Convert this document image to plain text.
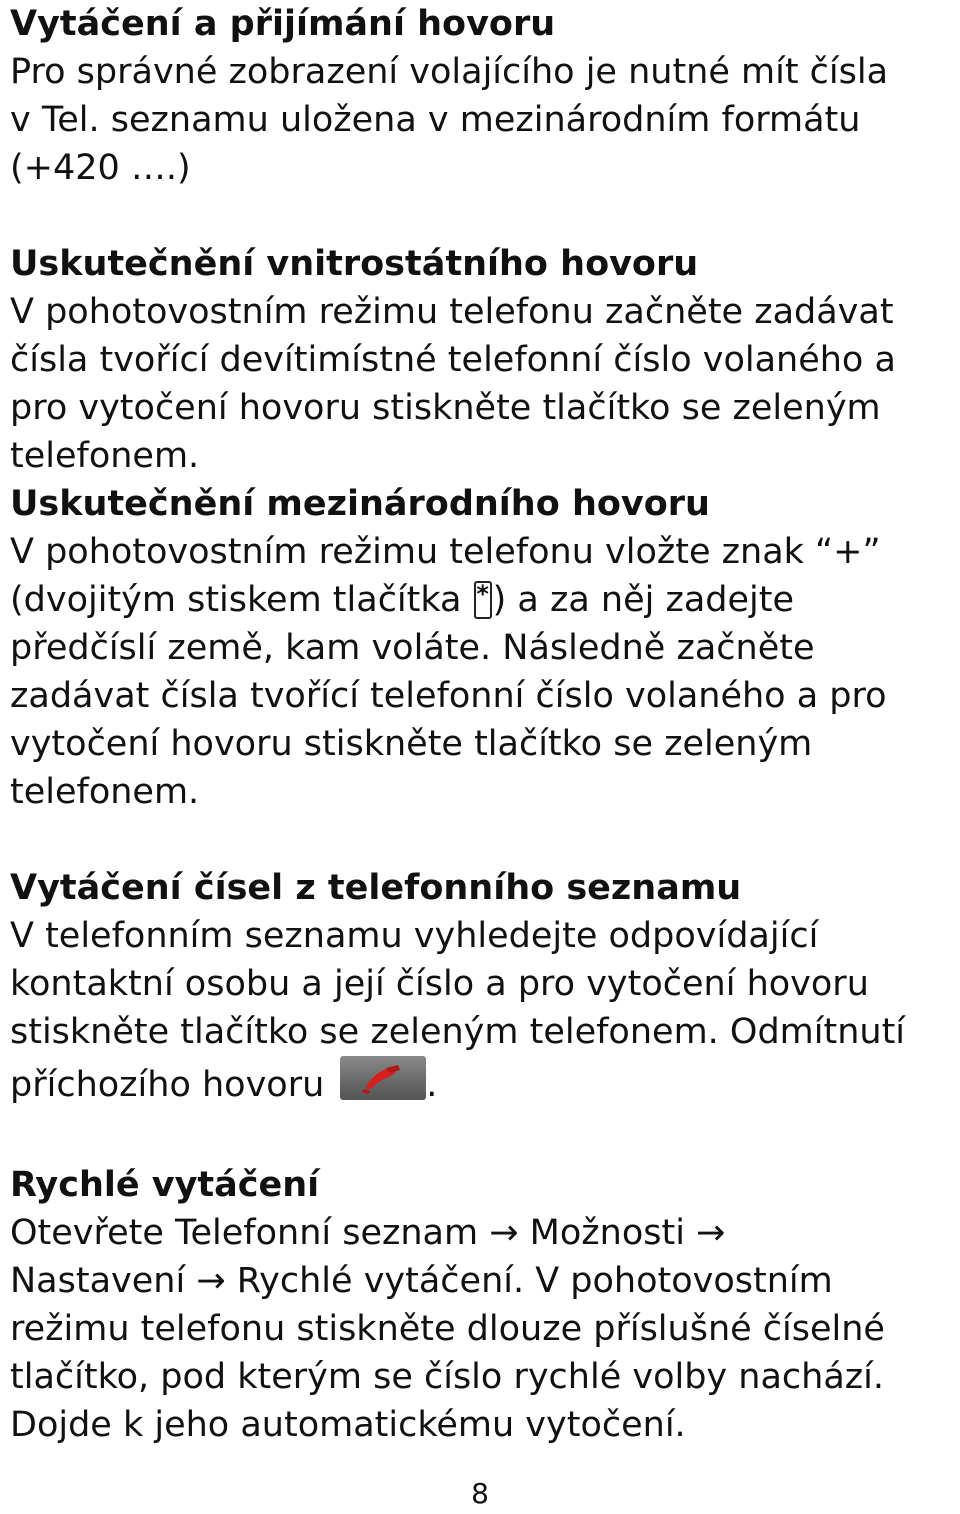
Vytáčení a přijímání hovoru
Pro správné zobrazení volajícího je nutné mít čísla
v Tel. seznamu uložena v mezinárodním formátu
(+420 ….)
Uskutečnění vnitrostátního hovoru
V pohotovostním režimu telefonu začněte zadávat
čísla tvořící devítimístné telefonní číslo volaného a
pro vytočení hovoru stiskněte tlačítko se zeleným
telefonem.
Uskutečnění mezinárodního hovoru
V pohotovostním režimu telefonu vložte znak “+”
(dvojitým stiskem tlačítka * ) a za něj zadejte
předčíslí země, kam voláte. Následně začněte
zadávat čísla tvořící telefonní číslo volaného a pro
vytočení hovoru stiskněte tlačítko se zeleným
telefonem.
Vytáčení čísel z telefonního seznamu
V telefonním seznamu vyhledejte odpovídající
kontaktní osobu a její číslo a pro vytočení hovoru
stiskněte tlačítko se zeleným telefonem. Odmítnutí
příchozího hovoru	.
Rychlé vytáčení
Otevřete Telefonní seznam → Možnosti →
Nastavení → Rychlé vytáčení. V pohotovostním
režimu telefonu stiskněte dlouze příslušné číselné
tlačítko, pod kterým se číslo rychlé volby nachází.
Dojde k jeho automatickému vytočení.
8
